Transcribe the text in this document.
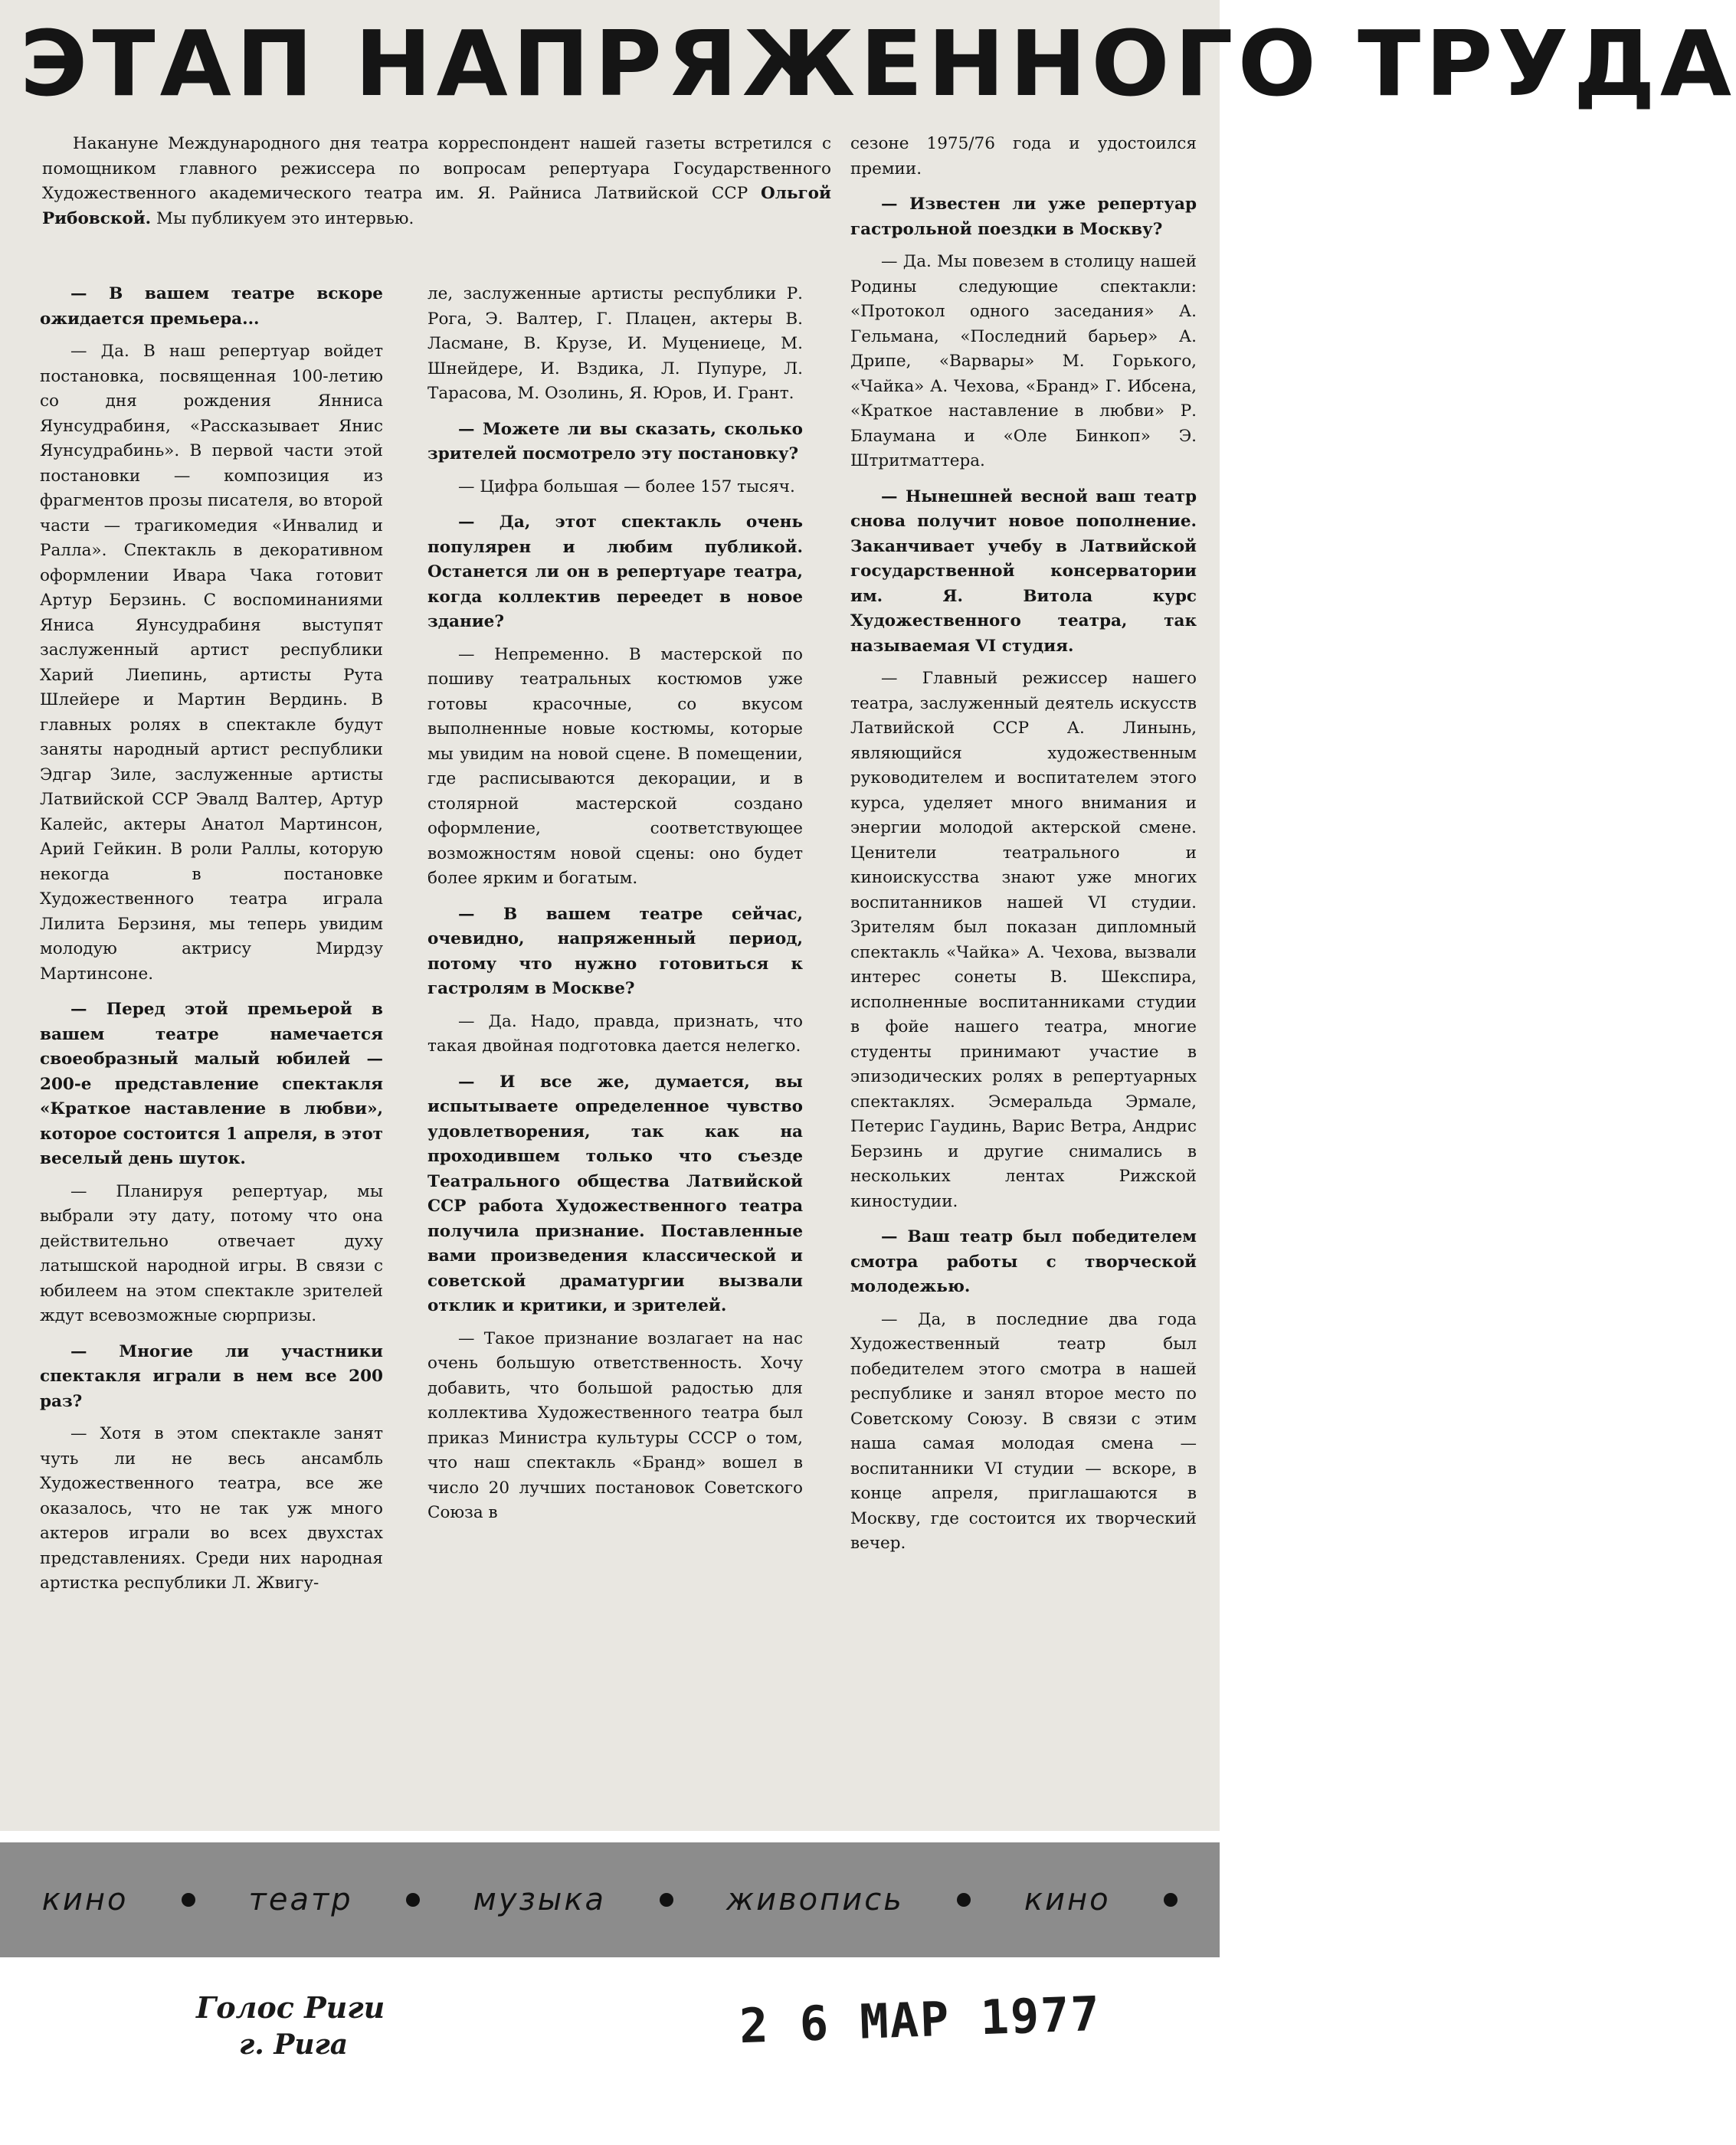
ЭТАП НАПРЯЖЕННОГО ТРУДА

Накануне Международного дня театра корреспондент нашей газеты встретился с помощником главного режиссера по вопросам репертуара Государственного Художественного академического театра им. Я. Райниса Латвийской ССР Ольгой Рибовской. Мы публикуем это интервью.

— В вашем театре вскоре ожидается премьера...

— Да. В наш репертуар войдет постановка, посвященная 100-летию со дня рождения Янниса Яунсудрабиня, «Рассказывает Янис Яунсудрабинь». В первой части этой постановки — композиция из фрагментов прозы писателя, во второй части — трагикомедия «Инвалид и Ралла». Спектакль в декоративном оформлении Ивара Чака готовит Артур Берзинь. С воспоминаниями Яниса Яунсудрабиня выступят заслуженный артист республики Харий Лиепинь, артисты Рута Шлейере и Мартин Вердинь. В главных ролях в спектакле будут заняты народный артист республики Эдгар Зиле, заслуженные артисты Латвийской ССР Эвалд Валтер, Артур Калейс, актеры Анатол Мартинсон, Арий Гейкин. В роли Раллы, которую некогда в постановке Художественного театра играла Лилита Берзиня, мы теперь увидим молодую актрису Мирдзу Мартинсоне.

— Перед этой премьерой в вашем театре намечается своеобразный малый юбилей — 200-е представление спектакля «Краткое наставление в любви», которое состоится 1 апреля, в этот веселый день шуток.

— Планируя репертуар, мы выбрали эту дату, потому что она действительно отвечает духу латышской народной игры. В связи с юбилеем на этом спектакле зрителей ждут всевозможные сюрпризы.

— Многие ли участники спектакля играли в нем все 200 раз?

— Хотя в этом спектакле занят чуть ли не весь ансамбль Художественного театра, все же оказалось, что не так уж много актеров играли во всех двухстах представлениях. Среди них народная артистка республики Л. Жвигу-

ле, заслуженные артисты республики Р. Рога, Э. Валтер, Г. Плацен, актеры В. Ласмане, В. Крузе, И. Муцениеце, М. Шнейдере, И. Вздика, Л. Пупуре, Л. Тарасова, М. Озолинь, Я. Юров, И. Грант.

— Можете ли вы сказать, сколько зрителей посмотрело эту постановку?

— Цифра большая — более 157 тысяч.

— Да, этот спектакль очень популярен и любим публикой. Останется ли он в репертуаре театра, когда коллектив переедет в новое здание?

— Непременно. В мастерской по пошиву театральных костюмов уже готовы красочные, со вкусом выполненные новые костюмы, которые мы увидим на новой сцене. В помещении, где расписываются декорации, и в столярной мастерской создано оформление, соответствующее возможностям новой сцены: оно будет более ярким и богатым.

— В вашем театре сейчас, очевидно, напряженный период, потому что нужно готовиться к гастролям в Москве?

— Да. Надо, правда, признать, что такая двойная подготовка дается нелегко.

— И все же, думается, вы испытываете определенное чувство удовлетворения, так как на проходившем только что съезде Театрального общества Латвийской ССР работа Художественного театра получила признание. Поставленные вами произведения классической и советской драматургии вызвали отклик и критики, и зрителей.

— Такое признание возлагает на нас очень большую ответственность. Хочу добавить, что большой радостью для коллектива Художественного театра был приказ Министра культуры СССР о том, что наш спектакль «Бранд» вошел в число 20 лучших постановок Советского Союза в

сезоне 1975/76 года и удостоился премии.

— Известен ли уже репертуар гастрольной поездки в Москву?

— Да. Мы повезем в столицу нашей Родины следующие спектакли: «Протокол одного заседания» А. Гельмана, «Последний барьер» А. Дрипе, «Варвары» М. Горького, «Чайка» А. Чехова, «Бранд» Г. Ибсена, «Краткое наставление в любви» Р. Блаумана и «Оле Бинкоп» Э. Штритматтера.

— Нынешней весной ваш театр снова получит новое пополнение. Заканчивает учебу в Латвийской государственной консерватории им. Я. Витола курс Художественного театра, так называемая VI студия.

— Главный режиссер нашего театра, заслуженный деятель искусств Латвийской ССР А. Линынь, являющийся художественным руководителем и воспитателем этого курса, уделяет много внимания и энергии молодой актерской смене. Ценители театрального и киноискусства знают уже многих воспитанников нашей VI студии. Зрителям был показан дипломный спектакль «Чайка» А. Чехова, вызвали интерес сонеты В. Шекспира, исполненные воспитанниками студии в фойе нашего театра, многие студенты принимают участие в эпизодических ролях в репертуарных спектаклях. Эсмеральда Эрмале, Петерис Гаудинь, Варис Ветра, Андрис Берзинь и другие снимались в нескольких лентах Рижской киностудии.

— Ваш театр был победителем смотра работы с творческой молодежью.

— Да, в последние два года Художественный театр был победителем этого смотра в нашей республике и занял второе место по Советскому Союзу. В связи с этим наша самая молодая смена — воспитанники VI студии — вскоре, в конце апреля, приглашаются в Москву, где состоится их творческий вечер.

кино	театр	музыка	живопись	кино
Голос Риги
г. Рига	2 6 МАР 1977
